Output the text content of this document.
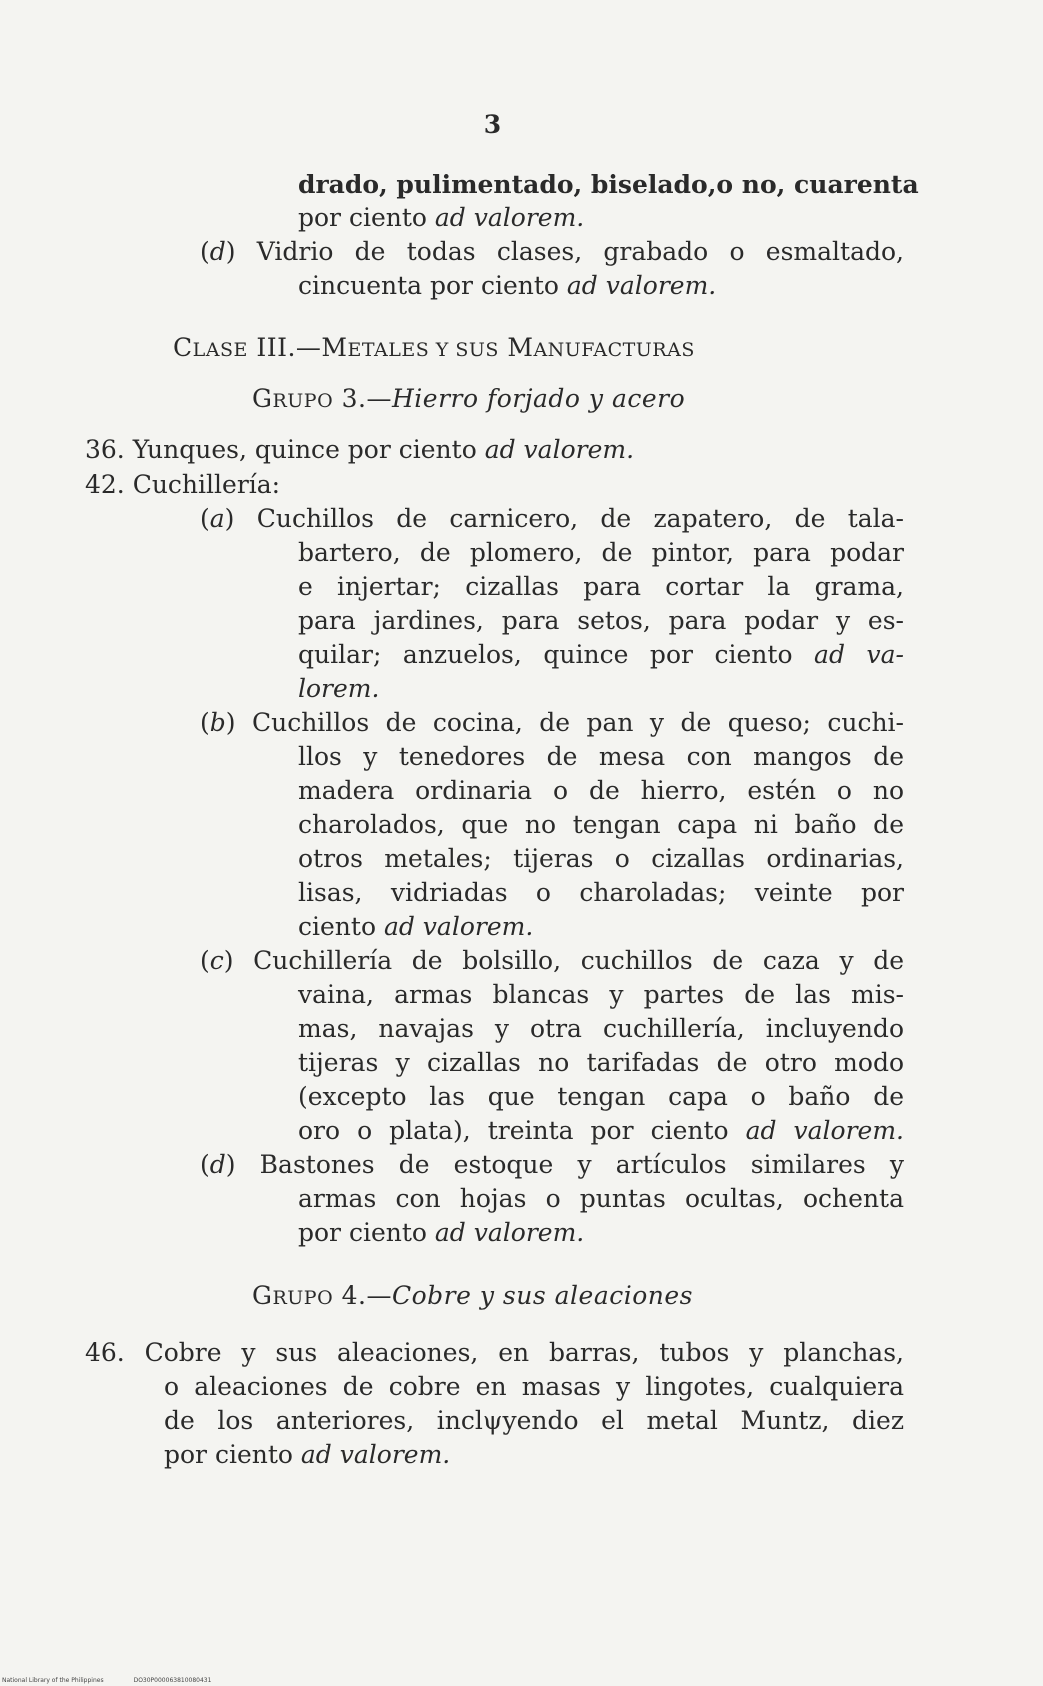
3
drado, pulimentado, biselado,o no, cuarenta
por ciento ad valorem.
(d) Vidrio de todas clases, grabado o esmaltado,
cincuenta por ciento ad valorem.
CLASE III.—METALES Y SUS MANUFACTURAS
GRUPO 3.—Hierro forjado y acero
36. Yunques, quince por ciento ad valorem.
42. Cuchillería:
(a) Cuchillos de carnicero, de zapatero, de tala-
bartero, de plomero, de pintor, para podar
e injertar; cizallas para cortar la grama,
para jardines, para setos, para podar y es-
quilar; anzuelos, quince por ciento ad va-
lorem.
(b) Cuchillos de cocina, de pan y de queso; cuchi-
llos y tenedores de mesa con mangos de
madera ordinaria o de hierro, estén o no
charolados, que no tengan capa ni baño de
otros metales; tijeras o cizallas ordinarias,
lisas, vidriadas o charoladas; veinte por
ciento ad valorem.
(c) Cuchillería de bolsillo, cuchillos de caza y de
vaina, armas blancas y partes de las mis-
mas, navajas y otra cuchillería, incluyendo
tijeras y cizallas no tarifadas de otro modo
(excepto las que tengan capa o baño de
oro o plata), treinta por ciento ad valorem.
(d) Bastones de estoque y artículos similares y
armas con hojas o puntas ocultas, ochenta
por ciento ad valorem.
GRUPO 4.—Cobre y sus aleaciones
46. Cobre y sus aleaciones, en barras, tubos y planchas,
o aleaciones de cobre en masas y lingotes, cualquiera
de los anteriores, inclψyendo el metal Muntz, diez
por ciento ad valorem.
National Library of the Philippines	DO30P000063810080431
